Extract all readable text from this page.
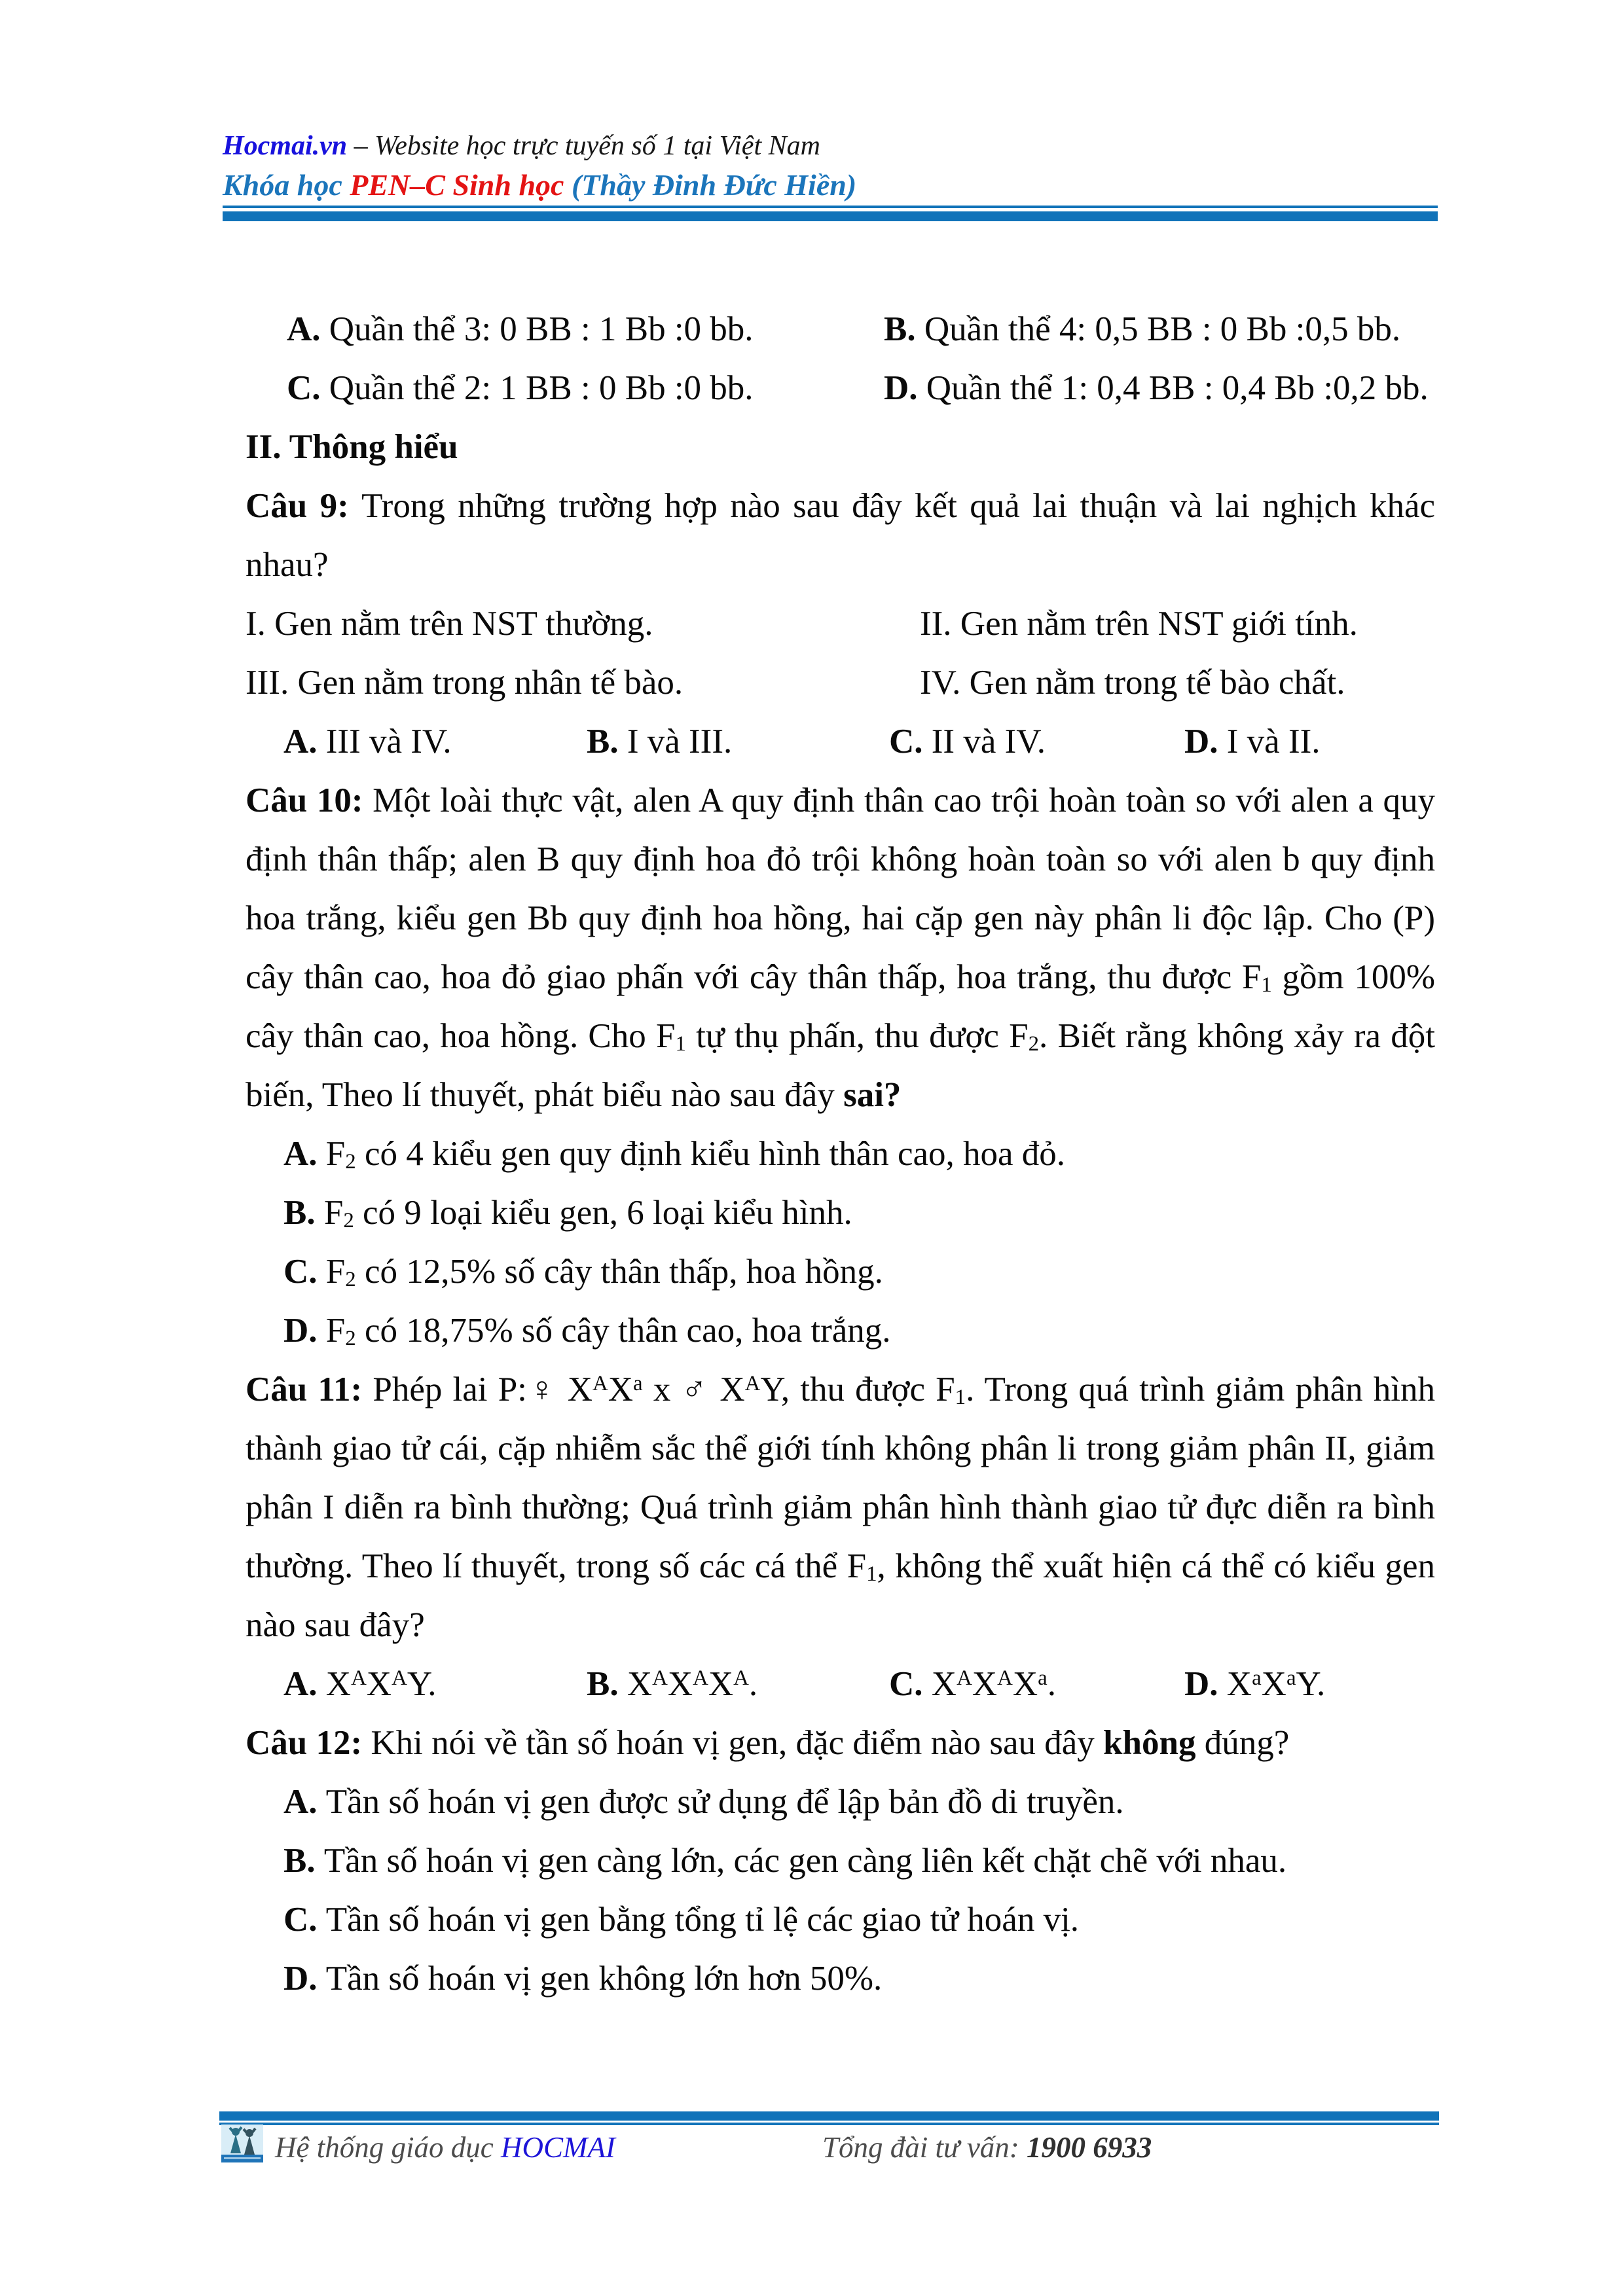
Hocmai.vn – Website học trực tuyến số 1 tại Việt Nam
Khóa học PEN–C Sinh học (Thầy Đinh Đức Hiền)
A. Quần thể 3: 0 BB : 1 Bb :0 bb.	B. Quần thể 4: 0,5 BB : 0 Bb :0,5 bb.
C. Quần thể 2: 1 BB : 0 Bb :0 bb.	D. Quần thể 1: 0,4 BB : 0,4 Bb :0,2 bb.
II. Thông hiểu
Câu 9: Trong những trường hợp nào sau đây kết quả lai thuận và lai nghịch khác
nhau?
I. Gen nằm trên NST thường.	II. Gen nằm trên NST giới tính.
III. Gen nằm trong nhân tế bào.	IV. Gen nằm trong tế bào chất.
A. III và IV.	B. I và III.	C. II và IV.	D. I và II.
Câu 10: Một loài thực vật, alen A quy định thân cao trội hoàn toàn so với alen a quy
định thân thấp; alen B quy định hoa đỏ trội không hoàn toàn so với alen b quy định
hoa trắng, kiểu gen Bb quy định hoa hồng, hai cặp gen này phân li độc lập. Cho (P)
cây thân cao, hoa đỏ giao phấn với cây thân thấp, hoa trắng, thu được $F_1$ gồm 100%
cây thân cao, hoa hồng. Cho $F_1$ tự thụ phấn, thu được $F_2$. Biết rằng không xảy ra đột
biến, Theo lí thuyết, phát biểu nào sau đây sai?
A. $F_2$ có 4 kiểu gen quy định kiểu hình thân cao, hoa đỏ.
B. $F_2$ có 9 loại kiểu gen, 6 loại kiểu hình.
C. $F_2$ có 12,5% số cây thân thấp, hoa hồng.
D. $F_2$ có 18,75% số cây thân cao, hoa trắng.
Câu 11: Phép lai P:♀ $X^AX^a$ x ♂ $X^AY$, thu được $F_1$. Trong quá trình giảm phân hình
thành giao tử cái, cặp nhiễm sắc thể giới tính không phân li trong giảm phân II, giảm
phân I diễn ra bình thường; Quá trình giảm phân hình thành giao tử đực diễn ra bình
thường. Theo lí thuyết, trong số các cá thể $F_1$, không thể xuất hiện cá thể có kiểu gen
nào sau đây?
A. $X^AX^AY$.	B. $X^AX^AX^A$.	C. $X^AX^AX^a$.	D. $X^aX^aY$.
Câu 12: Khi nói về tần số hoán vị gen, đặc điểm nào sau đây không đúng?
A. Tần số hoán vị gen được sử dụng để lập bản đồ di truyền.
B. Tần số hoán vị gen càng lớn, các gen càng liên kết chặt chẽ với nhau.
C. Tần số hoán vị gen bằng tổng tỉ lệ các giao tử hoán vị.
D. Tần số hoán vị gen không lớn hơn 50%.
Hệ thống giáo dục HOCMAI	Tổng đài tư vấn: 1900 6933
